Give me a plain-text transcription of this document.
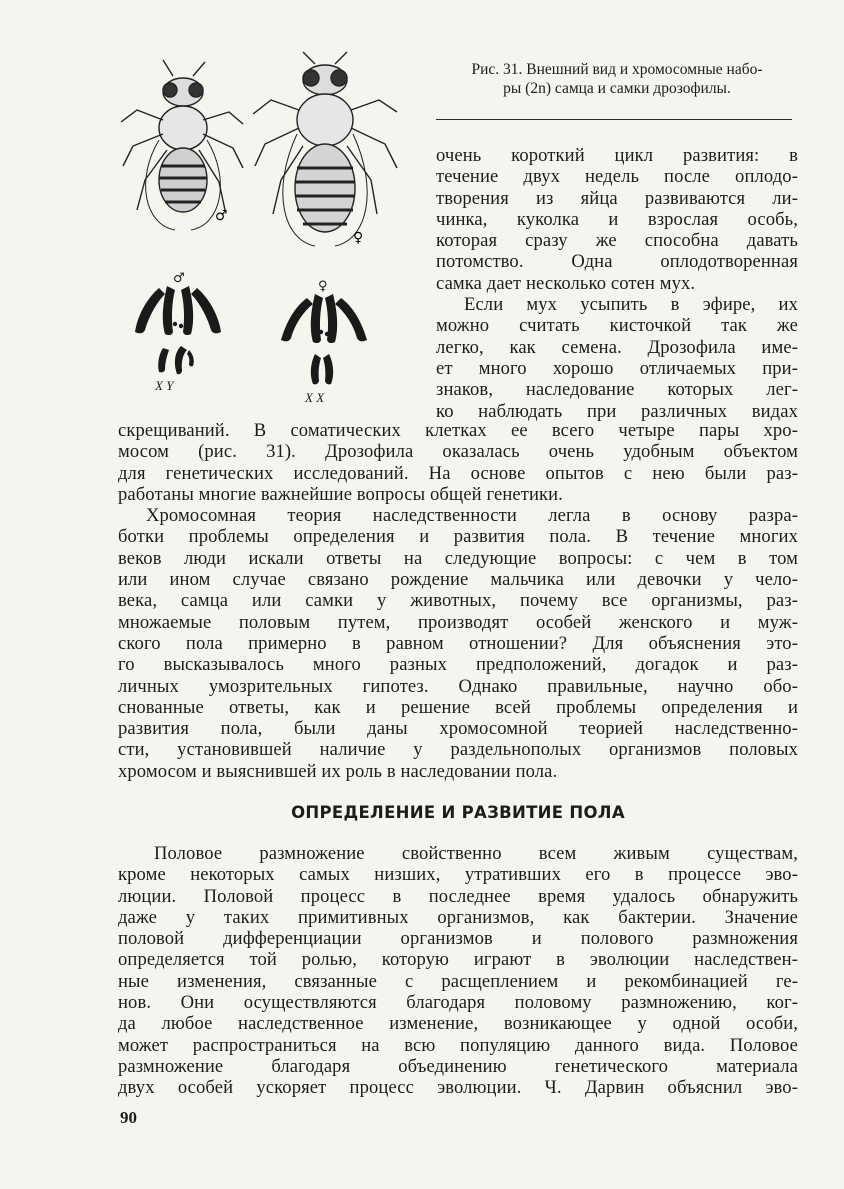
♂
♀
♂
X Y
♀
X X
Рис. 31. Внешний вид и хромосомные набо-
ры (2n) самца и самки дрозофилы.
очень короткий цикл развития: в
течение двух недель после оплодо-
творения из яйца развиваются ли-
чинка, куколка и взрослая особь,
которая сразу же способна давать
потомство. Одна оплодотворенная
самка дает несколько сотен мух.
Если мух усыпить в эфире, их
можно считать кисточкой так же
легко, как семена. Дрозофила име-
ет много хорошо отличаемых при-
знаков, наследование которых лег-
ко наблюдать при различных видах
скрещиваний. В соматических клетках ее всего четыре пары хро-
мосом (рис. 31). Дрозофила оказалась очень удобным объектом
для генетических исследований. На основе опытов с нею были раз-
работаны многие важнейшие вопросы общей генетики.
Хромосомная теория наследственности легла в основу разра-
ботки проблемы определения и развития пола. В течение многих
веков люди искали ответы на следующие вопросы: с чем в том
или ином случае связано рождение мальчика или девочки у чело-
века, самца или самки у животных, почему все организмы, раз-
множаемые половым путем, производят особей женского и муж-
ского пола примерно в равном отношении? Для объяснения это-
го высказывалось много разных предположений, догадок и раз-
личных умозрительных гипотез. Однако правильные, научно обо-
снованные ответы, как и решение всей проблемы определения и
развития пола, были даны хромосомной теорией наследственно-
сти, установившей наличие у раздельнополых организмов половых
хромосом и выяснившей их роль в наследовании пола.
ОПРЕДЕЛЕНИЕ И РАЗВИТИЕ ПОЛА
Половое размножение свойственно всем живым существам,
кроме некоторых самых низших, утративших его в процессе эво-
люции. Половой процесс в последнее время удалось обнаружить
даже у таких примитивных организмов, как бактерии. Значение
половой дифференциации организмов и полового размножения
определяется той ролью, которую играют в эволюции наследствен-
ные изменения, связанные с расщеплением и рекомбинацией ге-
нов. Они осуществляются благодаря половому размножению, ког-
да любое наследственное изменение, возникающее у одной особи,
может распространиться на всю популяцию данного вида. Половое
размножение благодаря объединению генетического материала
двух особей ускоряет процесс эволюции. Ч. Дарвин объяснил эво-
90
